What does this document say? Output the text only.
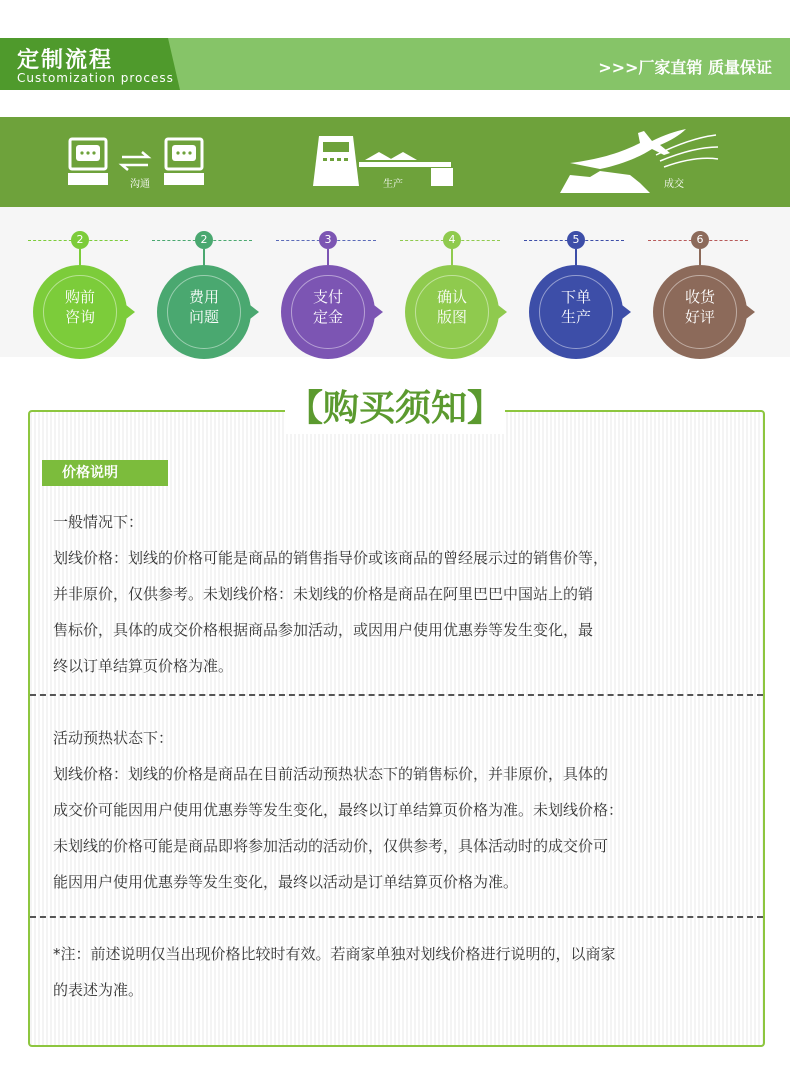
定制流程
Customization process
>>>厂家直销 质量保证
沟通	生产	成交
2
购前
咨询
2
费用
问题
3
支付
定金
4
确认
版图
5
下单
生产
6
收货
好评
【购买须知】
价格说明
一般情况下：
划线价格：划线的价格可能是商品的销售指导价或该商品的曾经展示过的销售价等，
并非原价，仅供参考。未划线价格：未划线的价格是商品在阿里巴巴中国站上的销
售标价，具体的成交价格根据商品参加活动，或因用户使用优惠券等发生变化，最
终以订单结算页价格为准。
活动预热状态下：
划线价格：划线的价格是商品在目前活动预热状态下的销售标价，并非原价，具体的
成交价可能因用户使用优惠券等发生变化，最终以订单结算页价格为准。未划线价格：
未划线的价格可能是商品即将参加活动的活动价，仅供参考，具体活动时的成交价可
能因用户使用优惠券等发生变化，最终以活动是订单结算页价格为准。
*注：前述说明仅当出现价格比较时有效。若商家单独对划线价格进行说明的，以商家
的表述为准。
